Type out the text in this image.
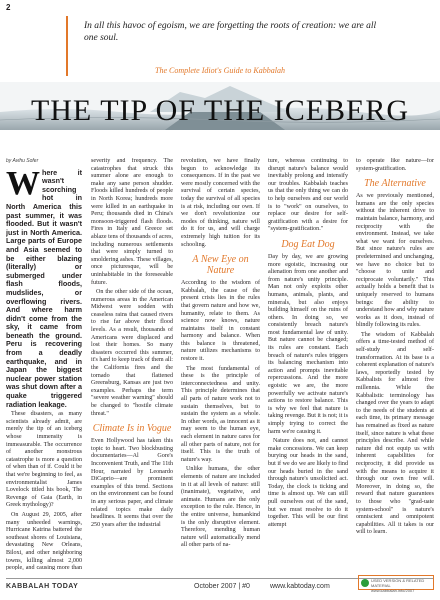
2
In all this havoc of egoism, we are forgetting the roots of creation: we are all one soul.
The Complete Idiot's Guide to Kabbalah
THE TIP OF THE ICEBERG
by Avihu Sofer

Where it wasn't scorching hot in North America this past summer, it was flooded. But it wasn't just in North America. Large parts of Europe and Asia seemed to be either blazing (literally) or submerged under flash floods, mudslides, or overflowing rivers. And where harm didn't come from the sky, it came from beneath the ground. Peru is recovering from a deadly earthquake, and in Japan the biggest nuclear power station was shut down after a quake triggered radiation leakage.

These disasters, as many scientists already admit, are merely the tip of an iceberg whose immensity is immeasurable. The occurrence of another monstrous catastrophe is more a question of when than of if. Could it be that we're beginning to feel, as environmentalist James Lovelock titled his book, The Revenge of Gaia (Earth, in Greek mythology)?

On August 29, 2005, after many unheeded warnings, Hurricane Katrina battered the southeast shores of Louisiana, devastating New Orleans, Biloxi, and other neighboring towns, killing almost 2,000 people, and causing more than

severity and frequency. The catastrophes that struck this summer alone are enough to make any sane person shudder. Floods killed hundreds of people in North Korea; hundreds more were killed in an earthquake in Peru; thousands died in China's monsoon-triggered flash floods. Fires in Italy and Greece set ablaze tens of thousands of acres, including numerous settlements that were simply turned to smoldering ashes. These villages, once picturesque, will be uninhabitable in the foreseeable future.

On the other side of the ocean, numerous areas in the American Midwest were sodden with ceaseless rains that caused rivers to rise far above their flood levels. As a result, thousands of Americans were displaced and lost their homes. So many disasters occurred this summer, it's hard to keep track of them all: the California fires and the tornado that flattened Greensburg, Kansas are just two examples. Perhaps the term "severe weather warning" should be changed to "hostile climate threat."

Climate Is in Vogue

Even Hollywood has taken this topic to heart. Two blockbusting documentaries—Al Gore's Inconvenient Truth, and The 11th Hour, narrated by Leonardo DiCaprio—are prominent examples of this trend. Sections on the environment can be found in any serious paper, and climate related topics make daily headlines. It seems that over the 250 years after the industrial

revolution, we have finally begun to acknowledge its consequences. If in the past we were mostly concerned with the survival of certain species, today the survival of all species is at risk, including our own. If we don't revolutionize our modes of thinking, nature will do it for us, and will charge extremely high tuition for its schooling.

A New Eye on Nature

According to the wisdom of Kabbalah, the cause of the present crisis lies in the rules that govern nature and how we, humanity, relate to them. As science now knows, nature maintains itself in constant harmony and balance. When this balance is threatened, nature utilizes mechanisms to restore it.

The most fundamental of these is the principle of interconnectedness and unity. This principle determines that all parts of nature work not to sustain themselves, but to sustain the system as a whole. In other words, as innocent as it may seem to the human eye, each element in nature cares for all other parts of nature, not for itself. This is the truth of nature's way.

Unlike humans, the other elements of nature are included in it at all levels of nature: still (inanimate), vegetative, and animate. Humans are the only exception to the rule. Hence, in the entire universe, humankind is the only disruptive element. Therefore, mending human nature will automatically mend all other parts of na-

ture, whereas continuing to disrupt nature's balance would inevitably prolong and intensify our troubles. Kabbalah teaches us that the only thing we can do to help ourselves and our world is to "work" on ourselves, to replace our desire for self-gratification with a desire for "system-gratification."

Dog Eat Dog

Day by day, we are growing more egoistic, increasing our alienation from one another and from nature's unity principle. Man not only exploits other humans, animals, plants, and minerals, but also enjoys building himself on the ruins of others. In doing so, we consistently breach nature's most fundamental law of unity. But nature cannot be changed; its rules are constant. Each breach of nature's rules triggers its balancing mechanism into action and prompts inevitable repercussions. And the more egoistic we are, the more powerfully we activate nature's actions to restore balance. This is why we feel that nature is taking revenge. But it is not; it is simply trying to correct the harm we're causing it.

Nature does not, and cannot make concessions. We can keep burying our heads in the sand, but if we do we are likely to find our heads buried in the sand through nature's unsolicited act. Today, the clock is ticking and time is almost up. We can still pull ourselves out of the sand, but we must resolve to do it together. This will be our first attempt

to operate like nature—for system-gratification.

The Alternative

As we previously mentioned, humans are the only species without the inherent drive to maintain balance, harmony, and reciprocity with the environment. Instead, we take what we want for ourselves. But since nature's rules are predetermined and unchanging, we have no choice but to "choose to unite and reciprocate voluntarily." This actually holds a benefit that is uniquely reserved to humans beings: the ability to understand how and why nature works as it does, instead of blindly following its rules.

The wisdom of Kabbalah offers a time-tested method of self-study and self-transformation. At its base is a coherent explanation of nature's laws, reportedly tested by Kabbalists for almost five millennia. While the Kabbalistic terminology has changed over the years to adapt to the needs of the students at each time, its primary message has remained as fixed as nature itself, since nature is what these principles describe. And while nature did not equip us with inherent capabilities for reciprocity, it did provide us with the means to acquire it through our own free will. Moreover, in doing so, the reward that nature guarantees to those who "grad-uate system-school" is nature's omniscient and omnipotent capabilities. All it takes is our will to learn.

KABBALAH TODAY	October 2007 | #0	www.kabtoday.com
USED VERSION & RELATED MATERIAL www.kabbalah.info/2007
